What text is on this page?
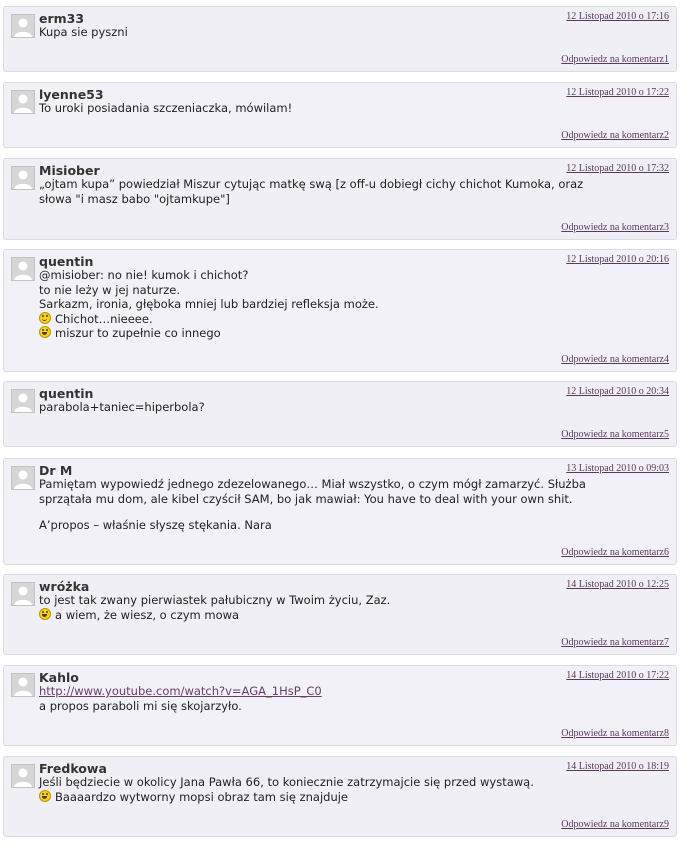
erm33	12 Listopad 2010 o 17:16
Kupa sie pyszni
Odpowiedz na komentarz1
lyenne53	12 Listopad 2010 o 17:22
To uroki posiadania szczeniaczka, mówilam!
Odpowiedz na komentarz2
Misiober	12 Listopad 2010 o 17:32
„ojtam kupa” powiedział Miszur cytując matkę swą [z off-u dobiegł cichy chichot Kumoka, oraz
słowa "i masz babo "ojtamkupe"]
Odpowiedz na komentarz3
quentin	12 Listopad 2010 o 20:16
@misiober: no nie! kumok i chichot?
to nie leży w jej naturze.
Sarkazm, ironia, głęboka mniej lub bardziej refleksja może.
Chichot…nieeee.
miszur to zupełnie co innego
Odpowiedz na komentarz4
quentin	12 Listopad 2010 o 20:34
parabola+taniec=hiperbola?
Odpowiedz na komentarz5
Dr M	13 Listopad 2010 o 09:03
Pamiętam wypowiedź jednego zdezelowanego… Miał wszystko, o czym mógł zamarzyć. Służba
sprzątała mu dom, ale kibel czyścił SAM, bo jak mawiał: You have to deal with your own shit.
A’propos – właśnie słyszę stękania. Nara
Odpowiedz na komentarz6
wróżka	14 Listopad 2010 o 12:25
to jest tak zwany pierwiastek pałubiczny w Twoim życiu, Zaz.
a wiem, że wiesz, o czym mowa
Odpowiedz na komentarz7
Kahlo	14 Listopad 2010 o 17:22
http://www.youtube.com/watch?v=AGA_1HsP_C0
a propos paraboli mi się skojarzyło.
Odpowiedz na komentarz8
Fredkowa	14 Listopad 2010 o 18:19
Jeśli będziecie w okolicy Jana Pawła 66, to koniecznie zatrzymajcie się przed wystawą.
Baaaardzo wytworny mopsi obraz tam się znajduje
Odpowiedz na komentarz9
